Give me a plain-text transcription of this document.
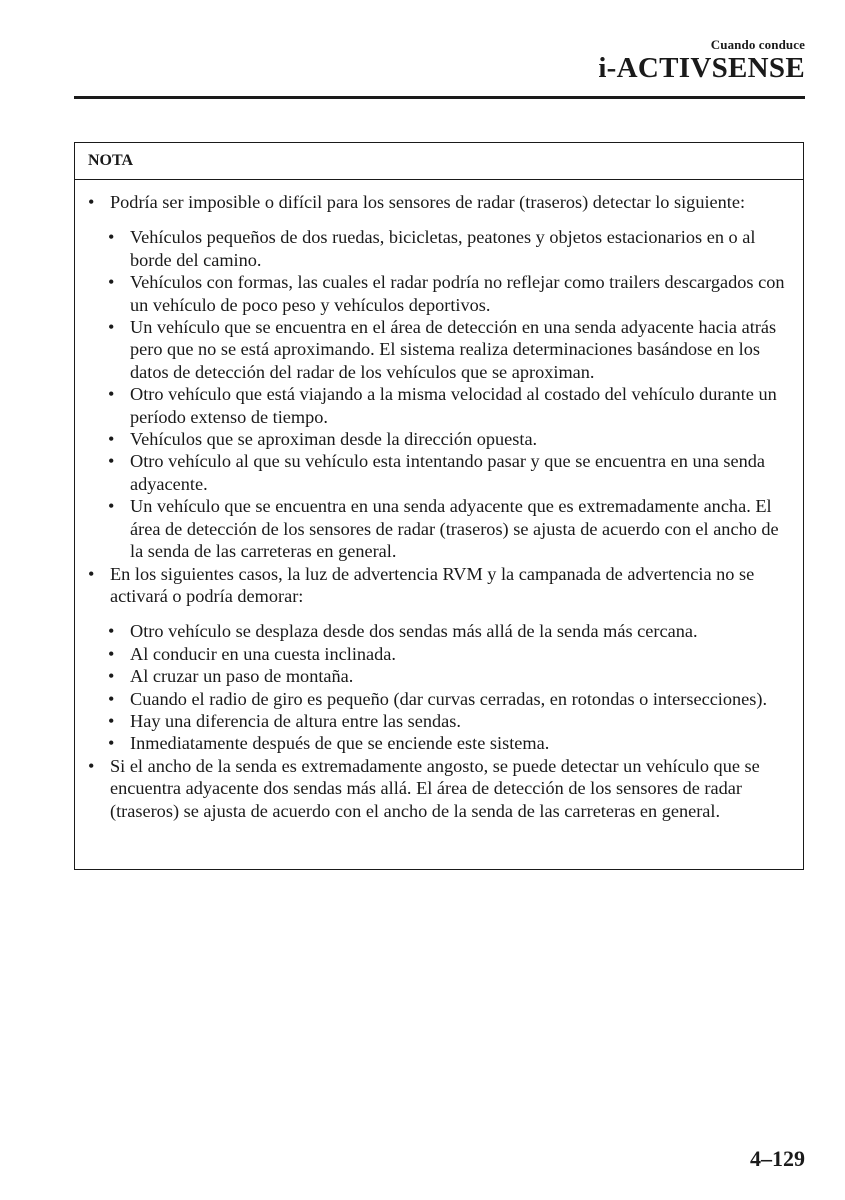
Cuando conduce
i-ACTIVSENSE
NOTA
• Podría ser imposible o difícil para los sensores de radar (traseros) detectar lo siguiente:
• Vehículos pequeños de dos ruedas, bicicletas, peatones y objetos estacionarios en o al borde del camino.
• Vehículos con formas, las cuales el radar podría no reflejar como trailers descargados con un vehículo de poco peso y vehículos deportivos.
• Un vehículo que se encuentra en el área de detección en una senda adyacente hacia atrás pero que no se está aproximando. El sistema realiza determinaciones basándose en los datos de detección del radar de los vehículos que se aproximan.
• Otro vehículo que está viajando a la misma velocidad al costado del vehículo durante un período extenso de tiempo.
• Vehículos que se aproximan desde la dirección opuesta.
• Otro vehículo al que su vehículo esta intentando pasar y que se encuentra en una senda adyacente.
• Un vehículo que se encuentra en una senda adyacente que es extremadamente ancha. El área de detección de los sensores de radar (traseros) se ajusta de acuerdo con el ancho de la senda de las carreteras en general.
• En los siguientes casos, la luz de advertencia RVM y la campanada de advertencia no se activará o podría demorar:
• Otro vehículo se desplaza desde dos sendas más allá de la senda más cercana.
• Al conducir en una cuesta inclinada.
• Al cruzar un paso de montaña.
• Cuando el radio de giro es pequeño (dar curvas cerradas, en rotondas o intersecciones).
• Hay una diferencia de altura entre las sendas.
• Inmediatamente después de que se enciende este sistema.
• Si el ancho de la senda es extremadamente angosto, se puede detectar un vehículo que se encuentra adyacente dos sendas más allá. El área de detección de los sensores de radar (traseros) se ajusta de acuerdo con el ancho de la senda de las carreteras en general.
4–129
